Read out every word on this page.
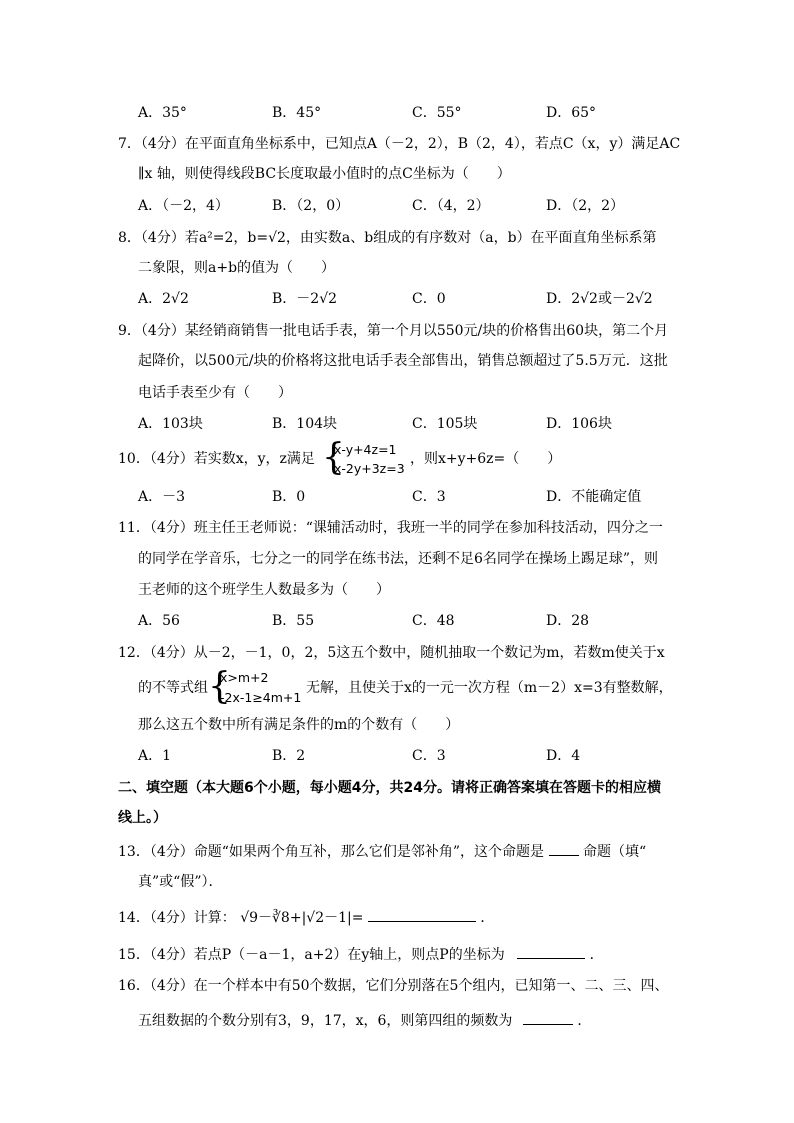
A．35°	B．45°	C．55°	D．65°
7．（4分）在平面直角坐标系中，已知点A（－2，2），B（2，4），若点C（x，y）满足AC
∥x 轴，则使得线段BC长度取最小值时的点C坐标为（　　）
A．（－2，4）	B．（2，0）	C．（4，2）	D．（2，2）
8．（4分）若a²=2，b=√2，由实数a、b组成的有序数对（a，b）在平面直角坐标系第
二象限，则a+b的值为（　　）
A．2√2	B．－2√2	C．0	D．2√2或－2√2
9．（4分）某经销商销售一批电话手表，第一个月以550元/块的价格售出60块，第二个月
起降价，以500元/块的价格将这批电话手表全部售出，销售总额超过了5.5万元．这批
电话手表至少有（　　）
A．103块	B．104块	C．105块	D．106块
10．（4分）若实数x，y，z满足 {
x-y+4z=1
x-2y+3z=3
，则x+y+6z=（　　）
A．－3	B．0	C．3	D．不能确定值
11．（4分）班主任王老师说：“课辅活动时，我班一半的同学在参加科技活动，四分之一
的同学在学音乐，七分之一的同学在练书法，还剩不足6名同学在操场上踢足球”，则
王老师的这个班学生人数最多为（　　）
A．56	B．55	C．48	D．28
12．（4分）从－2，－1，0，2，5这五个数中，随机抽取一个数记为m，若数m使关于x
的不等式组 {
x>m+2
-2x-1≥4m+1
无解，且使关于x的一元一次方程（m－2）x=3有整数解，
那么这五个数中所有满足条件的m的个数有（　　）
A．1	B．2	C．3	D．4
二、填空题（本大题6个小题，每小题4分，共24分。请将正确答案填在答题卡的相应横
线上。）
13．（4分）命题“如果两个角互补，那么它们是邻补角”，这个命题是	命题（填“
真”或“假”）．
14．（4分）计算： √9－∛8+|√2－1|=	．
15．（4分）若点P（－a－1，a+2）在y轴上，则点P的坐标为	．
16．（4分）在一个样本中有50个数据，它们分别落在5个组内，已知第一、二、三、四、
五组数据的个数分别有3，9，17，x，6，则第四组的频数为	．
